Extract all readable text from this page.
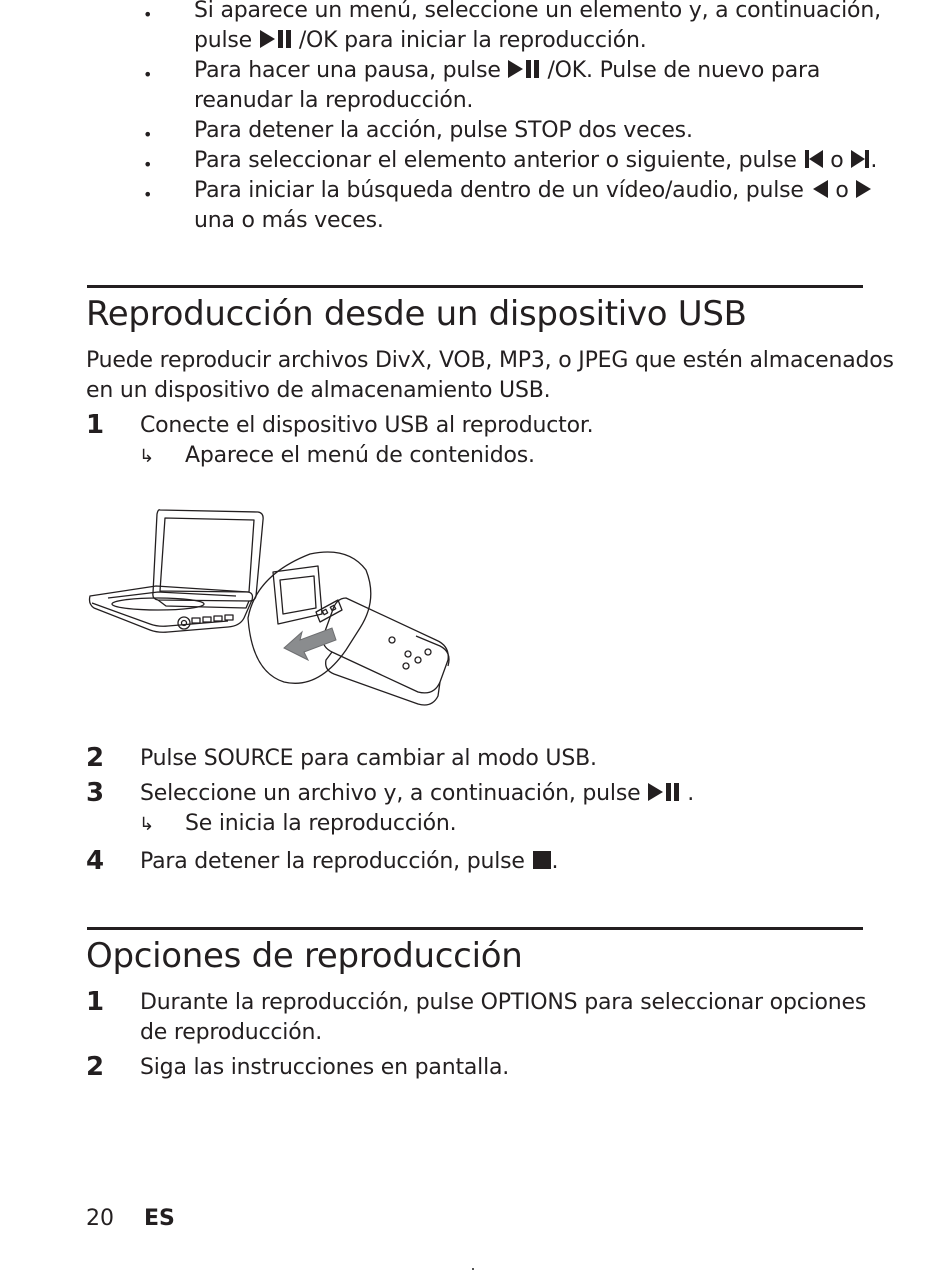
• Si aparece un menú, seleccione un elemento y, a continuación,
pulse /OK para iniciar la reproducción.
• Para hacer una pausa, pulse /OK. Pulse de nuevo para
reanudar la reproducción.
• Para detener la acción, pulse STOP dos veces.
• Para seleccionar el elemento anterior o siguiente, pulse  o .
• Para iniciar la búsqueda dentro de un vídeo/audio, pulse  o
una o más veces.
Reproducción desde un dispositivo USB
Puede reproducir archivos DivX, VOB, MP3, o JPEG que estén almacenados
en un dispositivo de almacenamiento USB.
1 Conecte el dispositivo USB al reproductor.
↳ Aparece el menú de contenidos.
2 Pulse SOURCE para cambiar al modo USB.
3 Seleccione un archivo y, a continuación, pulse .
↳ Se inicia la reproducción.
4 Para detener la reproducción, pulse .
Opciones de reproducción
1 Durante la reproducción, pulse OPTIONS para seleccionar opciones
de reproducción.
2 Siga las instrucciones en pantalla.
20 ES
